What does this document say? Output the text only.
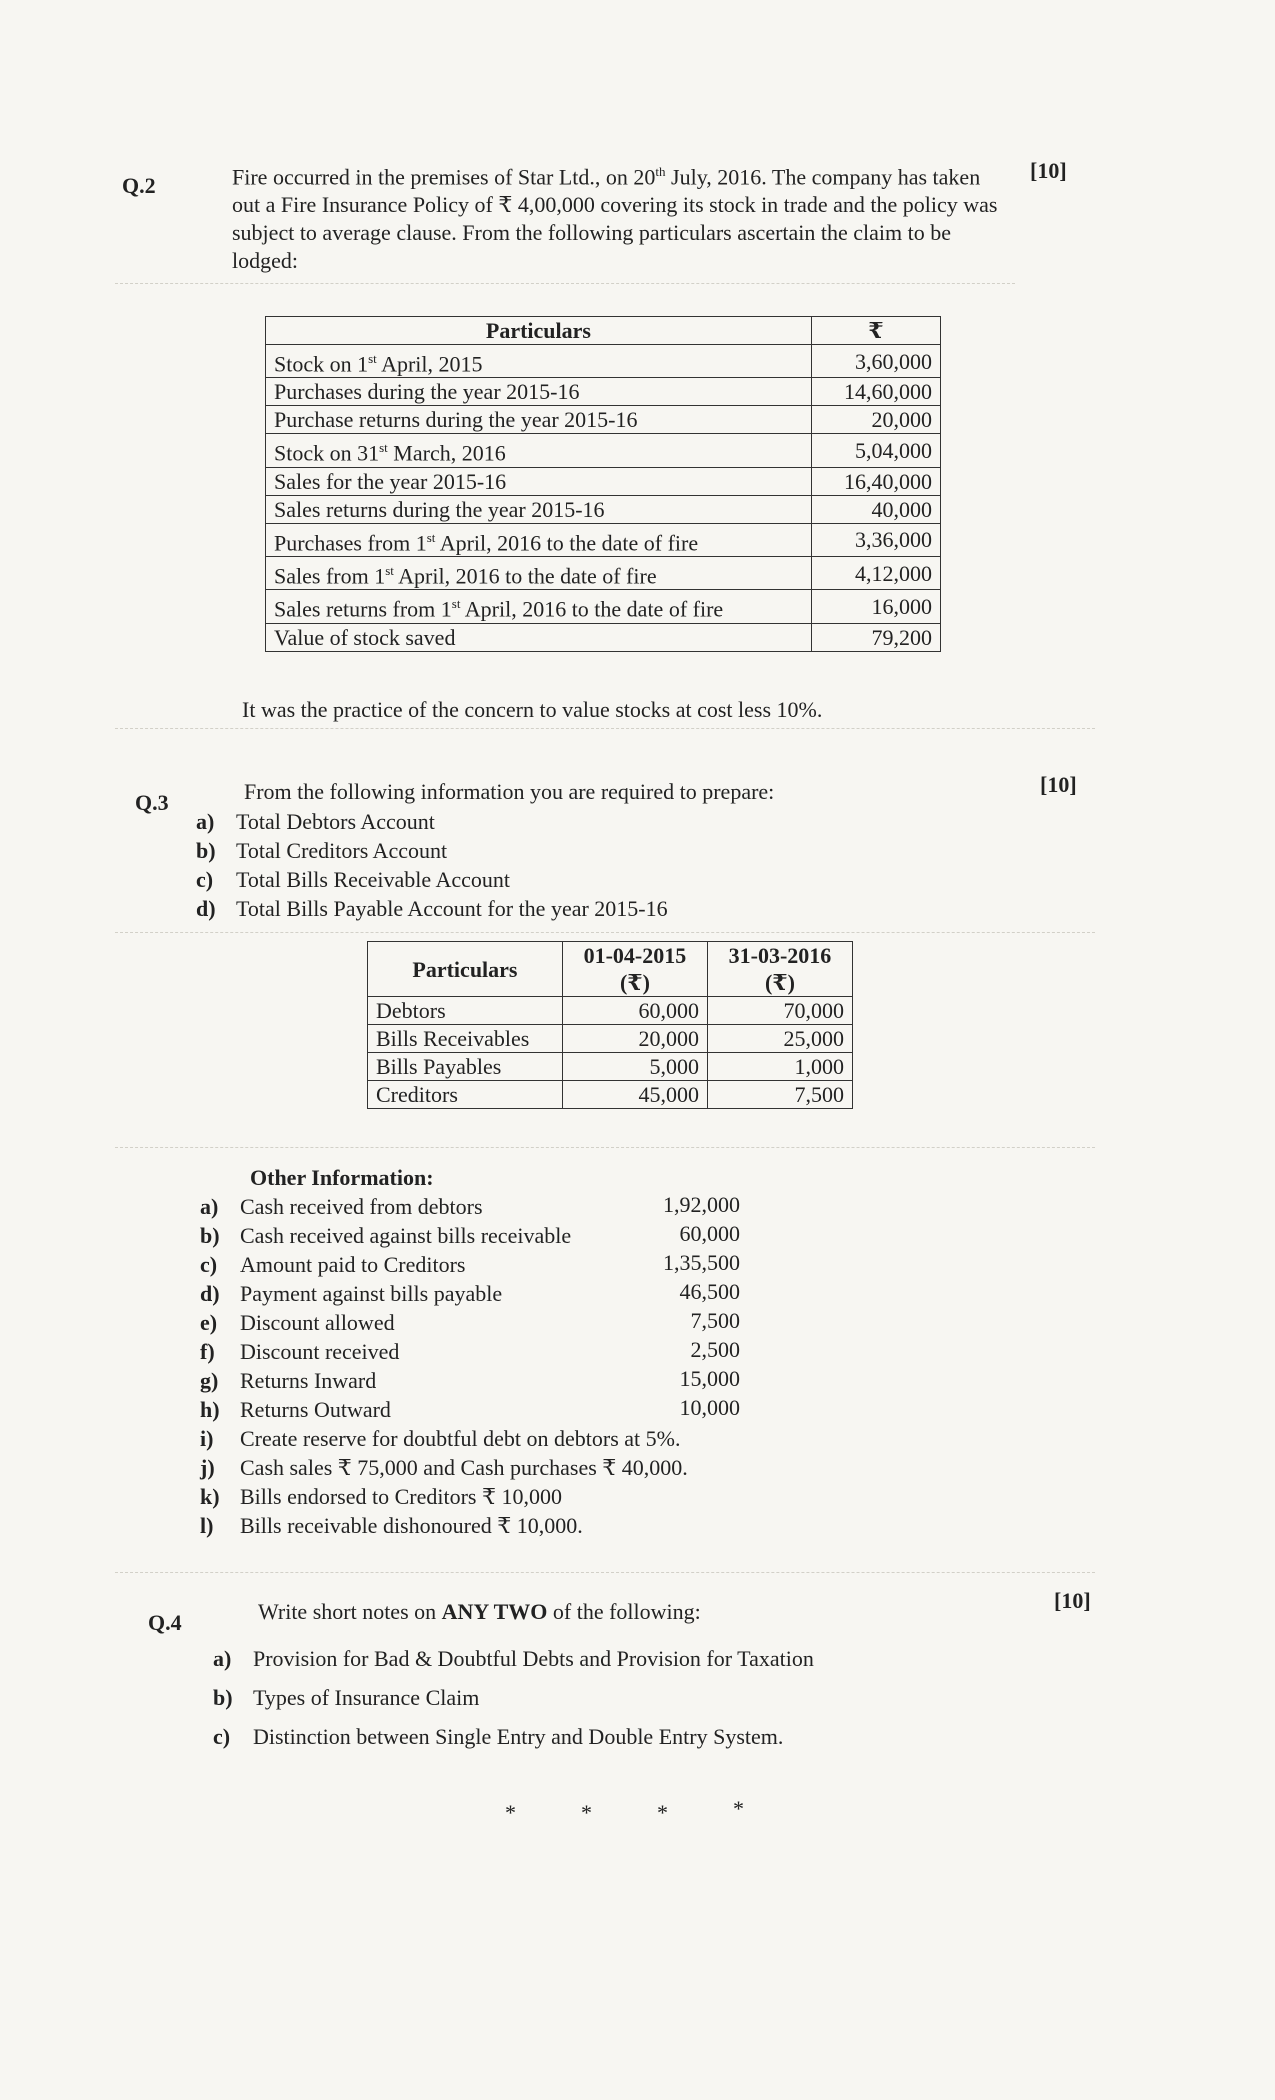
Q.2
[10]
Fire occurred in the premises of Star Ltd., on 20th July, 2016. The company has taken out a Fire Insurance Policy of ₹ 4,00,000 covering its stock in trade and the policy was subject to average clause. From the following particulars ascertain the claim to be lodged:
Particulars	₹
Stock on 1st April, 2015	3,60,000
Purchases during the year 2015-16	14,60,000
Purchase returns during the year 2015-16	20,000
Stock on 31st March, 2016	5,04,000
Sales for the year 2015-16	16,40,000
Sales returns during the year 2015-16	40,000
Purchases from 1st April, 2016 to the date of fire	3,36,000
Sales from 1st April, 2016 to the date of fire	4,12,000
Sales returns from 1st April, 2016 to the date of fire	16,000
Value of stock saved	79,200
It was the practice of the concern to value stocks at cost less 10%.
Q.3
[10]
From the following information you are required to prepare:
a) Total Debtors Account
b) Total Creditors Account
c) Total Bills Receivable Account
d) Total Bills Payable Account for the year 2015-16
Particulars	01-04-2015 (₹)	31-03-2016 (₹)
Debtors	60,000	70,000
Bills Receivables	20,000	25,000
Bills Payables	5,000	1,000
Creditors	45,000	7,500
Other Information:
a) Cash received from debtors	1,92,000
b) Cash received against bills receivable	60,000
c) Amount paid to Creditors	1,35,500
d) Payment against bills payable	46,500
e) Discount allowed	7,500
f) Discount received	2,500
g) Returns Inward	15,000
h) Returns Outward	10,000
i) Create reserve for doubtful debt on debtors at 5%.
j) Cash sales ₹ 75,000 and Cash purchases ₹ 40,000.
k) Bills endorsed to Creditors ₹ 10,000
l) Bills receivable dishonoured ₹ 10,000.
Q.4
[10]
Write short notes on ANY TWO of the following:
a) Provision for Bad & Doubtful Debts and Provision for Taxation
b) Types of Insurance Claim
c) Distinction between Single Entry and Double Entry System.
*	*	*	*
